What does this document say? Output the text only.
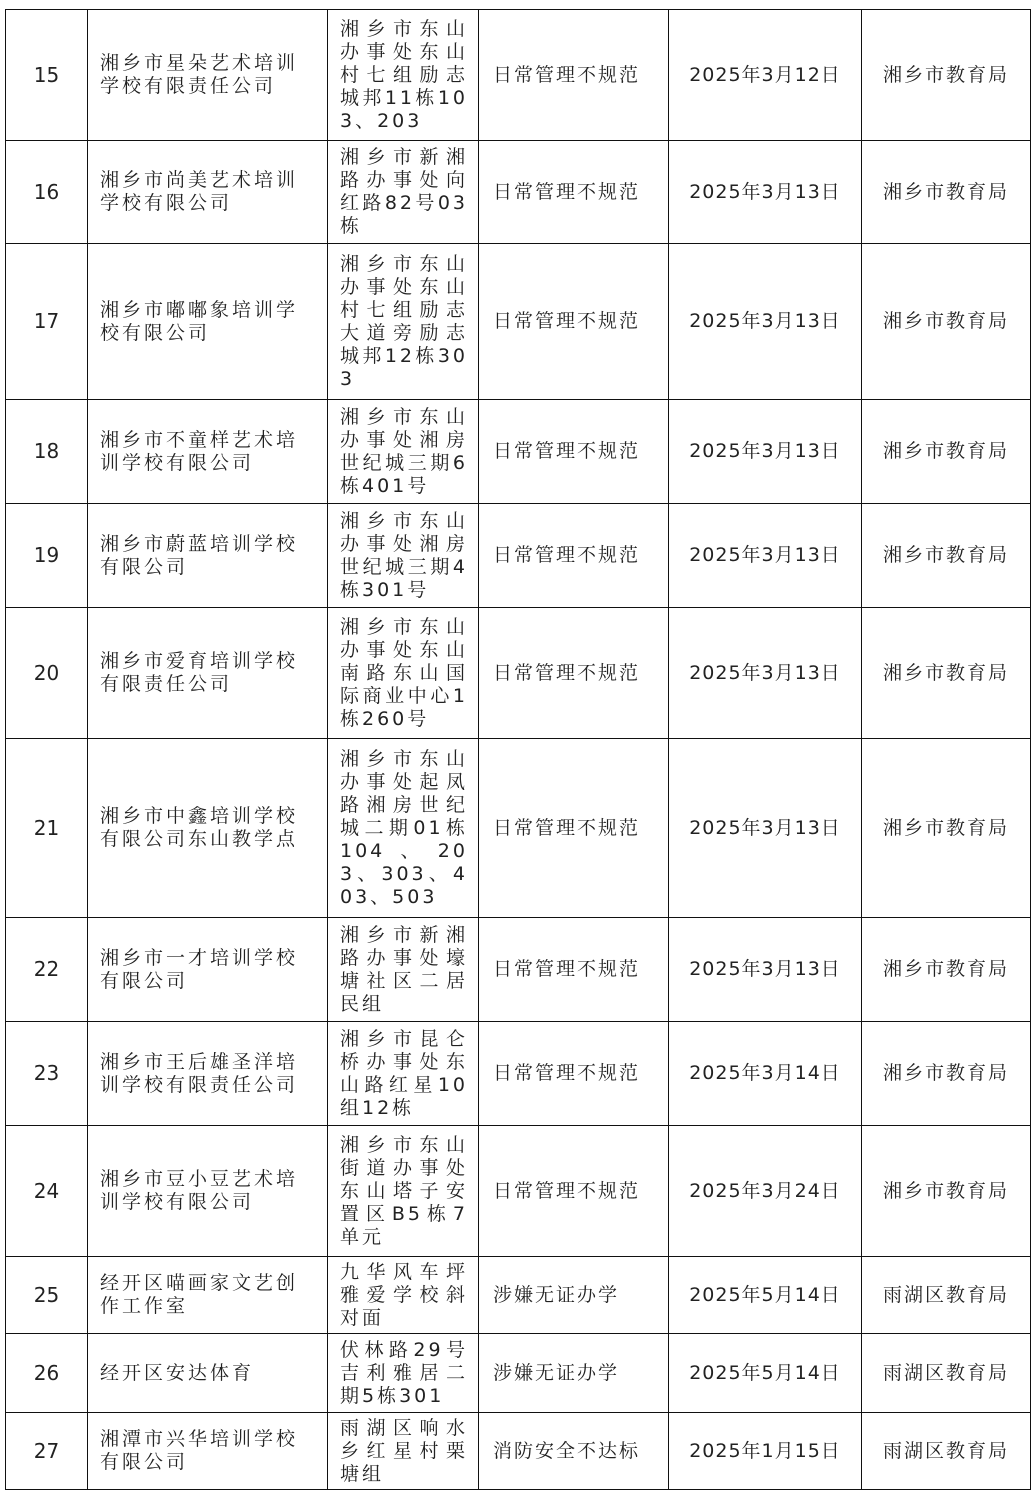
15	湘乡市星朵艺术培训学校有限责任公司	湘乡市东山办事处东山村七组励志城邦11栋103、203	日常管理不规范	2025年3月12日	湘乡市教育局
16	湘乡市尚美艺术培训学校有限公司	湘乡市新湘路办事处向红路82号03栋	日常管理不规范	2025年3月13日	湘乡市教育局
17	湘乡市嘟嘟象培训学校有限公司	湘乡市东山办事处东山村七组励志大道旁励志城邦12栋303	日常管理不规范	2025年3月13日	湘乡市教育局
18	湘乡市不童样艺术培训学校有限公司	湘乡市东山办事处湘房世纪城三期6栋401号	日常管理不规范	2025年3月13日	湘乡市教育局
19	湘乡市蔚蓝培训学校有限公司	湘乡市东山办事处湘房世纪城三期4栋301号	日常管理不规范	2025年3月13日	湘乡市教育局
20	湘乡市爱育培训学校有限责任公司	湘乡市东山办事处东山南路东山国际商业中心1栋260号	日常管理不规范	2025年3月13日	湘乡市教育局
21	湘乡市中鑫培训学校有限公司东山教学点	湘乡市东山办事处起凤路湘房世纪城二期01栋104、203、303、403、503	日常管理不规范	2025年3月13日	湘乡市教育局
22	湘乡市一才培训学校有限公司	湘乡市新湘路办事处壕塘社区二居民组	日常管理不规范	2025年3月13日	湘乡市教育局
23	湘乡市王后雄圣洋培训学校有限责任公司	湘乡市昆仑桥办事处东山路红星10组12栋	日常管理不规范	2025年3月14日	湘乡市教育局
24	湘乡市豆小豆艺术培训学校有限公司	湘乡市东山街道办事处东山塔子安置区B5栋7单元	日常管理不规范	2025年3月24日	湘乡市教育局
25	经开区喵画家文艺创作工作室	九华风车坪雅爱学校斜对面	涉嫌无证办学	2025年5月14日	雨湖区教育局
26	经开区安达体育	伏林路29号吉利雅居二期5栋301	涉嫌无证办学	2025年5月14日	雨湖区教育局
27	湘潭市兴华培训学校有限公司	雨湖区响水乡红星村栗塘组	消防安全不达标	2025年1月15日	雨湖区教育局
